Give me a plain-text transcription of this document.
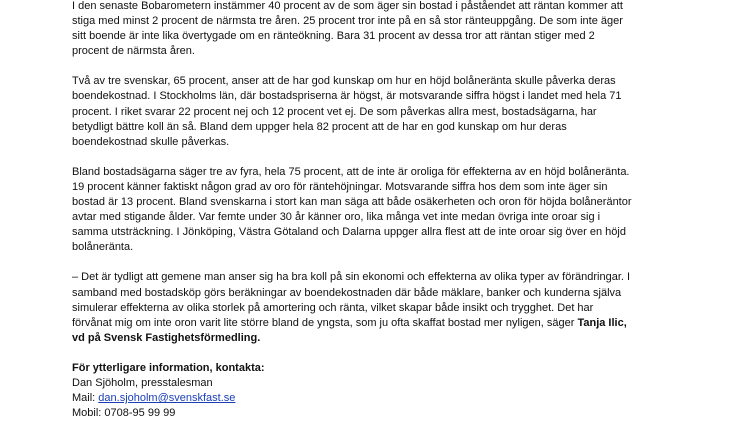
I den senaste Bobarometern instämmer 40 procent av de som äger sin bostad i påståendet att räntan kommer att
stiga med minst 2 procent de närmsta tre åren. 25 procent tror inte på en så stor ränteuppgång. De som inte äger
sitt boende är inte lika övertygade om en ränteökning. Bara 31 procent av dessa tror att räntan stiger med 2
procent de närmsta åren.

Två av tre svenskar, 65 procent, anser att de har god kunskap om hur en höjd bolåneränta skulle påverka deras
boendekostnad. I Stockholms län, där bostadspriserna är högst, är motsvarande siffra högst i landet med hela 71
procent. I riket svarar 22 procent nej och 12 procent vet ej. De som påverkas allra mest, bostadsägarna, har
betydligt bättre koll än så. Bland dem uppger hela 82 procent att de har en god kunskap om hur deras
boendekostnad skulle påverkas.

Bland bostadsägarna säger tre av fyra, hela 75 procent, att de inte är oroliga för effekterna av en höjd bolåneränta.
19 procent känner faktiskt någon grad av oro för räntehöjningar. Motsvarande siffra hos dem som inte äger sin
bostad är 13 procent. Bland svenskarna i stort kan man säga att både osäkerheten och oron för höjda bolåneräntor
avtar med stigande ålder. Var femte under 30 år känner oro, lika många vet inte medan övriga inte oroar sig i
samma utsträckning. I Jönköping, Västra Götaland och Dalarna uppger allra flest att de inte oroar sig över en höjd
bolåneränta.

– Det är tydligt att gemene man anser sig ha bra koll på sin ekonomi och effekterna av olika typer av förändringar. I
samband med bostadsköp görs beräkningar av boendekostnaden där både mäklare, banker och kunderna själva
simulerar effekterna av olika storlek på amortering och ränta, vilket skapar både insikt och trygghet. Det har
förvånat mig om inte oron varit lite större bland de yngsta, som ju ofta skaffat bostad mer nyligen, säger Tanja Ilic,
vd på Svensk Fastighetsförmedling.

För ytterligare information, kontakta:
Dan Sjöholm, presstalesman
Mail: dan.sjoholm@svenskfast.se
Mobil: 0708-95 99 99
